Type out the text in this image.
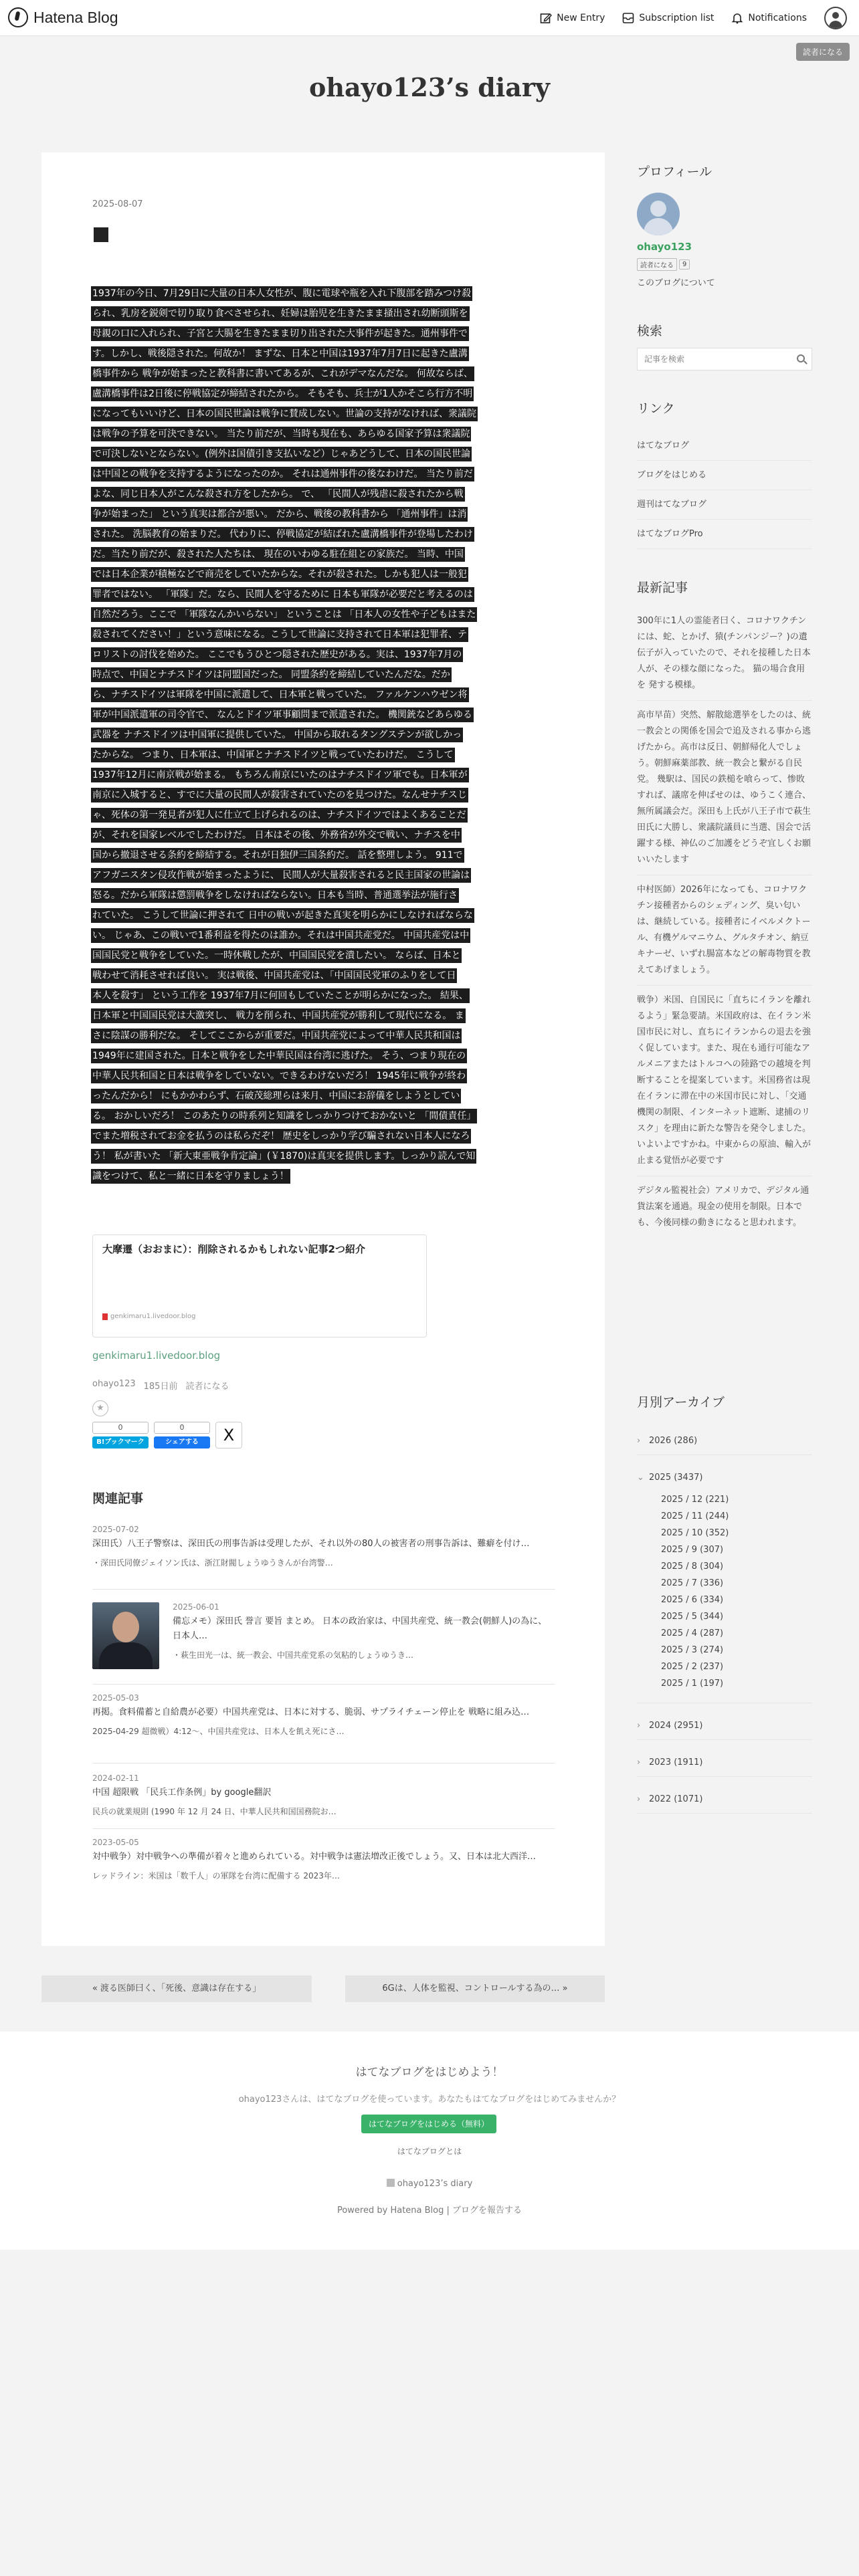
Hatena Blog	New Entry	Subscription list	Notifications
読者になる
ohayo123’s diary
2025-08-07
1937年の今日、7月29日に大量の日本人女性が、腹に電球や瓶を入れ下腹部を踏みつけ殺
られ、乳房を鋭剣で切り取り食べさせられ、妊婦は胎児を生きたまま掻出され幼断頭斯を
母親の口に入れられ、子宮と大腸を生きたまま切り出された大事件が起きた。通州事件で
す。しかし、戦後隠された。何故か！ まずな、日本と中国は1937年7月7日に起きた盧溝
橋事件から 戦争が始まったと教科書に書いてあるが、これがデマなんだな。 何故ならば、
盧溝橋事件は2日後に停戦協定が締結されたから。 そもそも、兵士が1人かそこら行方不明
になってもいいけど、日本の国民世論は戦争に賛成しない。世論の支持がなければ、衆議院
は戦争の予算を可決できない。 当たり前だが、当時も現在も、あらゆる国家予算は衆議院
で可決しないとならない。(例外は国債引き支払いなど）じゃあどうして、日本の国民世論
は中国との戦争を支持するようになったのか。 それは通州事件の後なわけだ。 当たり前だ
よな、同じ日本人がこんな殺され方をしたから。 で、 「民間人が残虐に殺されたから戦
争が始まった」 という真実は都合が悪い。 だから、戦後の教科書から 「通州事件」は消
された。 洗脳教育の始まりだ。 代わりに、停戦協定が結ばれた盧溝橋事件が登場したわけ
だ。当たり前だが、殺された人たちは、 現在のいわゆる駐在組との家族だ。 当時、中国
では日本企業が積極などで商売をしていたからな。それが殺された。しかも犯人は一般犯
罪者ではない。 「軍隊」だ。なら、民間人を守るために 日本も軍隊が必要だと考えるのは
自然だろう。ここで 「軍隊なんかいらない」 ということは 「日本人の女性や子どもはまた
殺されてください！」という意味になる。こうして世論に支持されて日本軍は犯罪者、テ
ロリストの討伐を始めた。 ここでもうひとつ隠された歴史がある。実は、1937年7月の
時点で、中国とナチスドイツは同盟国だった。 同盟条約を締結していたんだな。だか
ら、ナチスドイツは軍隊を中国に派遣して、日本軍と戦っていた。 ファルケンハウゼン将
軍が中国派遣軍の司令官で、 なんとドイツ軍事顧問まで派遣された。 機関銃などあらゆる
武器を ナチスドイツは中国軍に提供していた。 中国から取れるタングステンが欲しかっ
たからな。 つまり、日本軍は、中国軍とナチスドイツと戦っていたわけだ。 こうして
1937年12月に南京戦が始まる。 もちろん南京にいたのはナチスドイツ軍でも。日本軍が
南京に入城すると、すでに大量の民間人が殺害されていたのを見つけた。なんせナチスじ
ゃ、死体の第一発見者が犯人に仕立て上げられるのは、ナチスドイツではよくあることだ
が、それを国家レベルでしたわけだ。 日本はその後、外務省が外交で戦い、ナチスを中
国から撤退させる条約を締結する。それが日独伊三国条約だ。 話を整理しよう。 911で
アフガニスタン侵攻作戦が始まったように、 民間人が大量殺害されると民主国家の世論は
怒る。だから軍隊は懲罰戦争をしなければならない。日本も当時、普通選挙法が施行さ
れていた。 こうして世論に押されて 日中の戦いが起きた真実を明らかにしなければならな
い。 じゃあ、この戦いで1番利益を得たのは誰か。それは中国共産党だ。 中国共産党は中
国国民党と戦争をしていた。一時休戦したが、中国国民党を潰したい。 ならば、日本と
戦わせて消耗させれば良い。 実は戦後、中国共産党は、「中国国民党軍のふりをして日
本人を殺す」 という工作を 1937年7月に何回もしていたことが明らかになった。 結果、
日本軍と中国国民党は大激突し、 戦力を削られ、中国共産党が勝利して現代になる。 ま
さに陰謀の勝利だな。 そしてここからが重要だ。中国共産党によって中華人民共和国は
1949年に建国された。日本と戦争をした中華民国は台湾に逃げた。 そう、つまり現在の
中華人民共和国と日本は戦争をしていない。できるわけないだろ！ 1945年に戦争が終わ
ったんだから！ にもかかわらず、石破茂総理らは来月、中国にお辞儀をしようとしてい
る。 おかしいだろ！ このあたりの時系列と知識をしっかりつけておかないと 「間債責任」
でまた増税されてお金を払うのは私らだぞ！ 歴史をしっかり学び騙されない日本人になろ
う！ 私が書いた 「新大東亜戦争肯定論」(￥1870)は真実を提供します。しっかり読んで知
識をつけて、私と一緒に日本を守りましょう！
大摩遷（おおまに）：削除されるかもしれない記事2つ紹介
genkimaru1.livedoor.blog
genkimaru1.livedoor.blog
ohayo123 185日前 読者になる
★
0
B!ブックマーク
0
シェアする	X
関連記事
2025-07-02
深田氏）八王子警察は、深田氏の刑事告訴は受理したが、それ以外の80人の被害者の刑事告訴は、難癖を付け…
・深田氏同僚ジェイソン氏は、浙江財閥しょうゆうきんが台湾警…
2025-06-01
備忘メモ）深田氏 誉言 要旨 まとめ。 日本の政治家は、中国共産党、統一教会(朝鮮人)の為に、日本人…
・萩生田光一は、統一教会、中国共産党系の気粘的しょうゆうき…
2025-05-03
再掲。食料備蓄と自給農が必要）中国共産党は、日本に対する、脆弱、サプライチェーン停止を 戦略に組み込…
2025-04-29 超微戦）4:12〜、中国共産党は、日本人を飢え死にさ…
2024-02-11
中国 超限戦 「民兵工作条例」by google翻訳
民兵の就業規則 (1990 年 12 月 24 日、中華人民共和国国務院お…
2023-05-05
対中戦争）対中戦争への準備が着々と進められている。対中戦争は憲法増改正後でしょう。又、日本は北大西洋…
レッドライン：米国は「数千人」の軍隊を台湾に配備する 2023年…
« 渡る医師曰く、「死後、意識は存在する」	6Gは、人体を監視、コントロールする為の… »
プロフィール
ohayo123
読者になる	9
このブログについて
検索
記事を検索
リンク
はてなブログ
ブログをはじめる
週刊はてなブログ
はてなブログPro
最新記事

300年に1人の霊能者曰く、コロナワクチンには、蛇、とかげ、猿(チンパンジー？)の遺伝子が入っていたので、それを接種した日本人が、その様な顔になった。 猫の場合食用を 発する模様。

高市早苗）突然、解散総選挙をしたのは、統一教会との関係を国会で追及される事から逃げたから。高市は反日、朝鮮帰化人でしょう。朝鮮麻薬部教、統一教会と繋がる自民党。 幾駅は、国民の鉄槌を喰らって、惨敗すれば、議席を伸ばせのは、ゆうこく連合、無所属議会だ。深田も上氏が八王子市で萩生田氏に大勝し、衆議院議員に当選、国会で活躍する様、神仏のご加護をどうぞ宜しくお願いいたします

中村医師）2026年になっても、コロナワクチン接種者からのシェディング、臭い匂いは、継続している。接種者にイベルメクトール、有機ゲルマニウム、グルタチオン、納豆キナーゼ、いずれ腸富本などの解毒物質を教えてあげましょう。

戦争）米国、自国民に「直ちにイランを離れるよう」緊急要請。米国政府は、在イラン米国市民に対し、直ちにイランからの退去を強く促しています。また、現在も通行可能なアルメニアまたはトルコへの陸路での越境を判断することを提案しています。米国務省は現在イランに滞在中の米国市民に対し、「交通機関の制限、インターネット遮断、逮捕のリスク」を理由に新たな警告を発令しました。 いよいよですかね。中東からの原油、輸入が止まる覚悟が必要です

デジタル監視社会）アメリカで、デジタル通貨法案を通過。現金の使用を制限。日本でも、今後同様の動きになると思われます。

月別アーカイブ
›2026 (286)
⌄2025 (3437)
2025 / 12 (221)
2025 / 11 (244)
2025 / 10 (352)
2025 / 9 (307)
2025 / 8 (304)
2025 / 7 (336)
2025 / 6 (334)
2025 / 5 (344)
2025 / 4 (287)
2025 / 3 (274)
2025 / 2 (237)
2025 / 1 (197)
›2024 (2951)
›2023 (1911)
›2022 (1071)
はてなブログをはじめよう！
ohayo123さんは、はてなブログを使っています。あなたもはてなブログをはじめてみませんか？
はてなブログをはじめる（無料）
はてなブログとは
ohayo123’s diary
Powered by Hatena Blog | ブログを報告する
